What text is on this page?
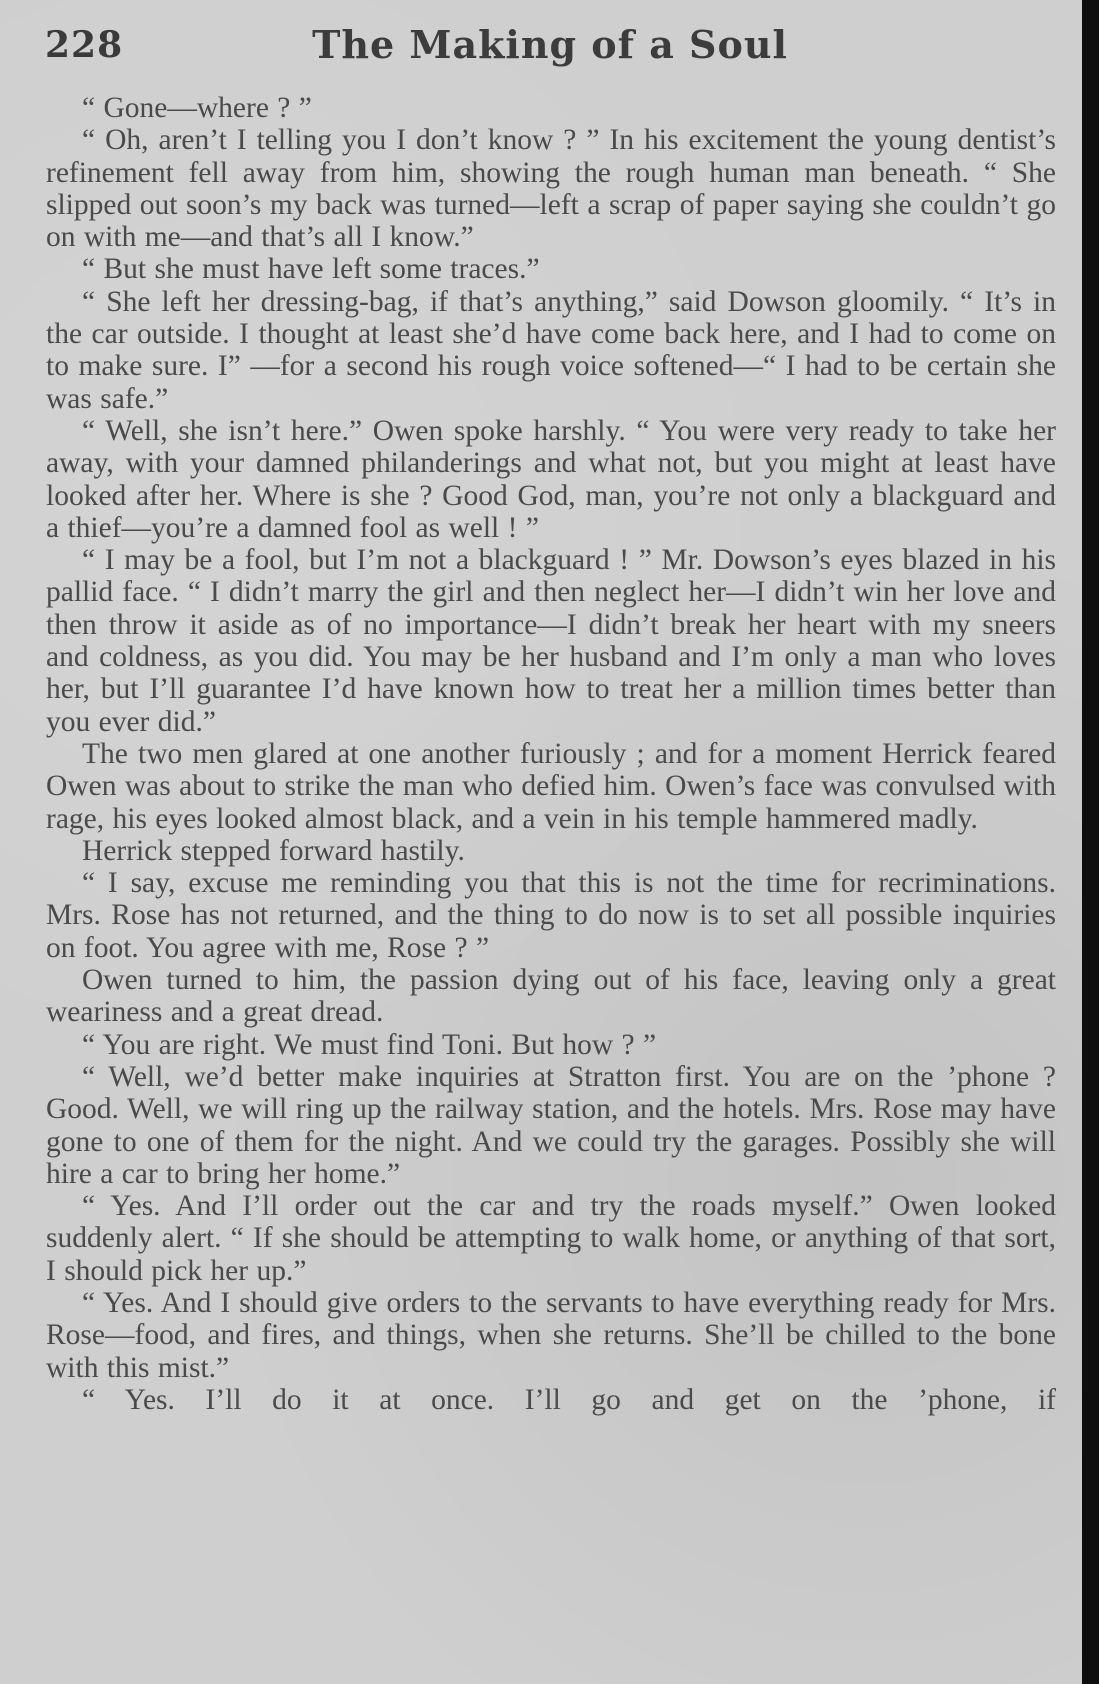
228	The Making of a Soul

“ Gone—where ? ”

“ Oh, aren’t I telling you I don’t know ? ” In his excitement the young dentist’s refinement fell away from him, showing the rough human man beneath. “ She slipped out soon’s my back was turned—left a scrap of paper saying she couldn’t go on with me—and that’s all I know.”

“ But she must have left some traces.”

“ She left her dressing-bag, if that’s anything,” said Dowson gloomily. “ It’s in the car outside. I thought at least she’d have come back here, and I had to come on to make sure. I” —for a second his rough voice softened—“ I had to be certain she was safe.”

“ Well, she isn’t here.” Owen spoke harshly. “ You were very ready to take her away, with your damned philanderings and what not, but you might at least have looked after her. Where is she ? Good God, man, you’re not only a blackguard and a thief—you’re a damned fool as well ! ”

“ I may be a fool, but I’m not a blackguard ! ” Mr. Dowson’s eyes blazed in his pallid face. “ I didn’t marry the girl and then neglect her—I didn’t win her love and then throw it aside as of no importance—I didn’t break her heart with my sneers and coldness, as you did. You may be her husband and I’m only a man who loves her, but I’ll guarantee I’d have known how to treat her a million times better than you ever did.”

The two men glared at one another furiously ; and for a moment Herrick feared Owen was about to strike the man who defied him. Owen’s face was convulsed with rage, his eyes looked almost black, and a vein in his temple hammered madly.

Herrick stepped forward hastily.

“ I say, excuse me reminding you that this is not the time for recriminations. Mrs. Rose has not returned, and the thing to do now is to set all possible inquiries on foot. You agree with me, Rose ? ”

Owen turned to him, the passion dying out of his face, leaving only a great weariness and a great dread.

“ You are right. We must find Toni. But how ? ”

“ Well, we’d better make inquiries at Stratton first. You are on the ’phone ? Good. Well, we will ring up the railway station, and the hotels. Mrs. Rose may have gone to one of them for the night. And we could try the garages. Possibly she will hire a car to bring her home.”

“ Yes. And I’ll order out the car and try the roads myself.” Owen looked suddenly alert. “ If she should be attempting to walk home, or anything of that sort, I should pick her up.”

“ Yes. And I should give orders to the servants to have everything ready for Mrs. Rose—food, and fires, and things, when she returns. She’ll be chilled to the bone with this mist.”

“ Yes. I’ll do it at once. I’ll go and get on the ’phone, if
